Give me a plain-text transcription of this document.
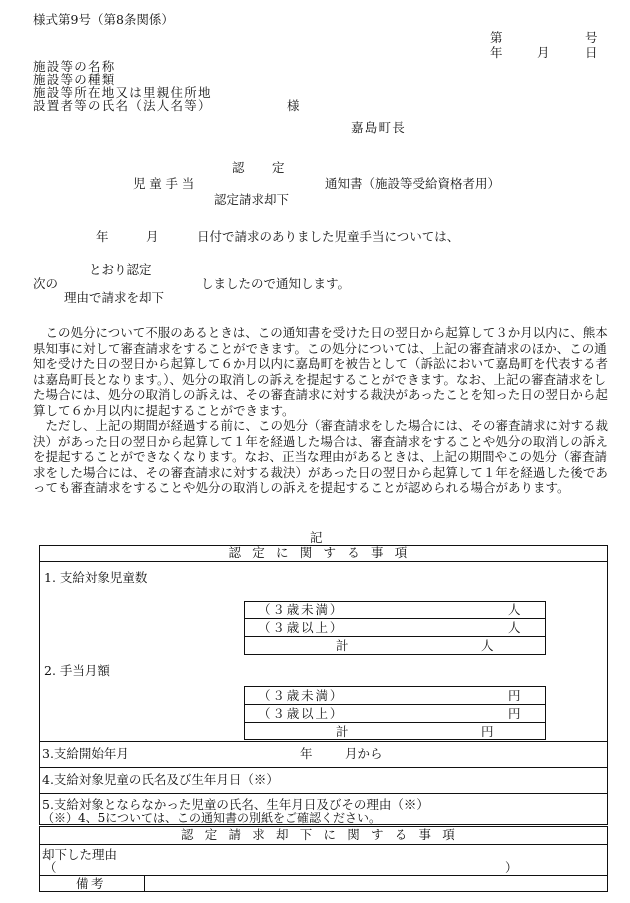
様式第9号（第8条関係）
第	号
年	月	日
施設等の名称
施設等の種類
施設等所在地又は里親住所地
設置者等の氏名（法人名等）	様
嘉島町長
認　定
児童手当	通知書（施設等受給資格者用）
認定請求却下
年	月	日付で請求のありました児童手当については、
とおり認定
次の	しましたので通知します。
理由で請求を却下

この処分について不服のあるときは、この通知書を受けた日の翌日から起算して３か月以内に、熊本県知事に対して審査請求をすることができます。この処分については、上記の審査請求のほか、この通知を受けた日の翌日から起算して６か月以内に嘉島町を被告として（訴訟において嘉島町を代表する者は嘉島町長となります。）、処分の取消しの訴えを提起することができます。なお、上記の審査請求をした場合には、処分の取消しの訴えは、その審査請求に対する裁決があったことを知った日の翌日から起算して６か月以内に提起することができます。

ただし、上記の期間が経過する前に、この処分（審査請求をした場合には、その審査請求に対する裁決）があった日の翌日から起算して１年を経過した場合は、審査請求をすることや処分の取消しの訴えを提起することができなくなります。なお、正当な理由があるときは、上記の期間やこの処分（審査請求をした場合には、その審査請求に対する裁決）があった日の翌日から起算して１年を経過した後であっても審査請求をすることや処分の取消しの訴えを提起することが認められる場合があります。

記
認定に関する事項
1. 支給対象児童数
（３歳未満）	人
（３歳以上）	人
計	人
2. 手当月額
（３歳未満）	円
（３歳以上）	円
計	円
3.支給開始年月	年	月から
4.支給対象児童の氏名及び生年月日（※）
5.支給対象とならなかった児童の氏名、生年月日及びその理由（※）
（※）4、5については、この通知書の別紙をご確認ください。
認定請求却下に関する事項
却下した理由
（	）
備考
